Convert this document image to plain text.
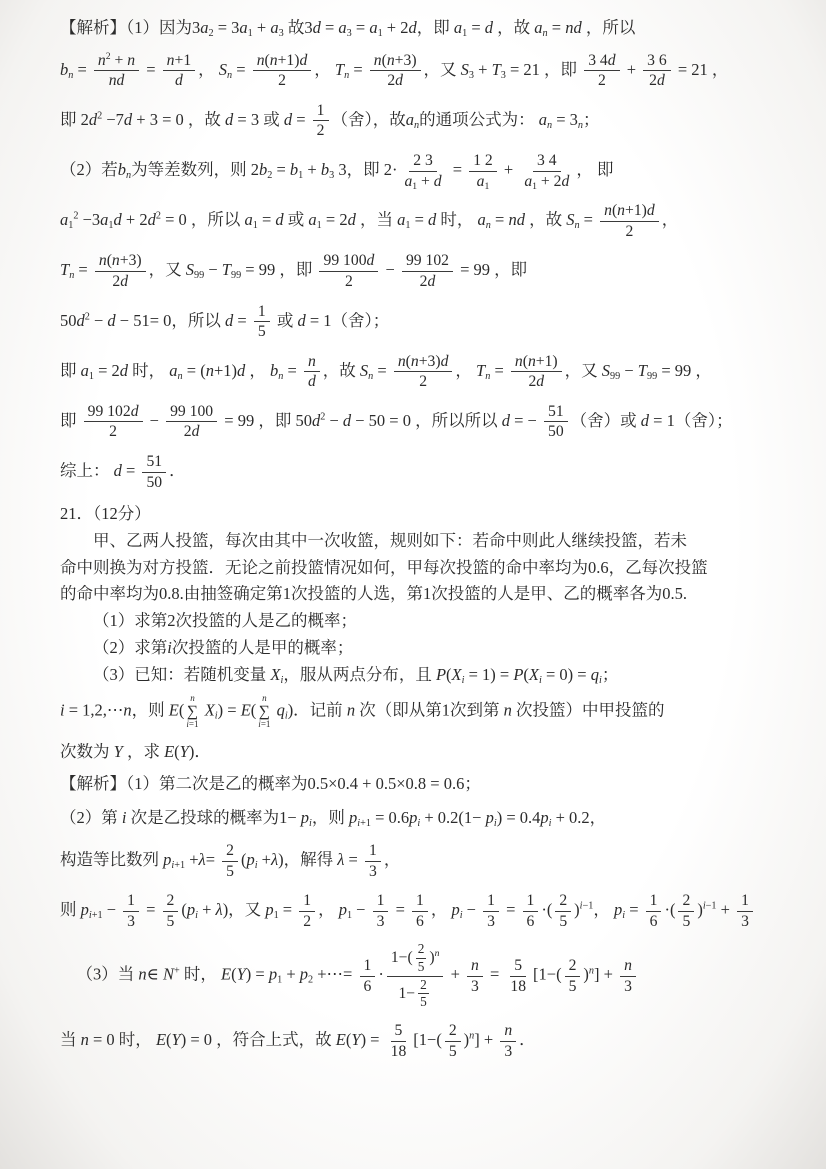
【解析】（1）因为$3a_2 = 3a_1 + a_3$ 故$3d = a_3 = a_1 + 2d$，即 $a_1 = d$ ，故 $a_n$ = nd ，所以

$b_n = \frac{n^2 + n}{nd} = \frac{n+1}{d}$ ， $S_n = \frac{n(n+1)d}{2}$ ， $T_n = \frac{n(n+3)}{2d}$ ，又 $S_3 + T_3 = 21$ ，即 $\frac{3 4d}{2} + \frac{3 6}{2d} = 21$ ，

即 $2d^2 -7d + 3 = 0$ ，故 d = 3 或 $d = \frac{1}{2}$ （舍），故$a_n$的通项公式为： $a_n = 3_n$；

（2）若$b_n$为等差数列，则 $2b_2 = b_1 + b_3$ 3，即 $2\cdot \frac{2 3}{a_1 + d} = \frac{1 2}{a_1} + \frac{3 4}{a_1 + 2d}$ ， 即

$a_1^2 -3a_1d + 2d^2 = 0$ ，所以 $a_1 = d$ 或 $a_1 = 2d$ ，当 $a_1 = d$ 时， $a_n$ = nd ，故 $S_n = \frac{n(n+1)d}{2}$ ，

$T_n = \frac{n(n+3)}{2d}$ ，又 $S_{99} - T_{99} = 99$ ，即 $\frac{99 100d}{2} - \frac{99 102}{2d} = 99$ ，即

$50d^2 - d - 51= 0$，所以 $d = \frac{1}{5}$ 或 d = 1（舍）；

即 $a_1 = 2d$ 时， $a_n = (n+1)d$ ， $b_n = \frac{n}{d}$ ，故 $S_n = \frac{n(n+3)d}{2}$ ， $T_n = \frac{n(n+1)}{2d}$ ，又 $S_{99} - T_{99} = 99$ ，

即 $\frac{99 102d}{2} - \frac{99 100}{2d} = 99$ ，即 $50d^2 - d - 50 = 0$ ，所以所以 d = − $\frac{51}{50}$ （舍）或 d = 1（舍）；

综上： $d = \frac{51}{50}$ ．

21．（12分）

甲、乙两人投篮，每次由其中一次收篮，规则如下：若命中则此人继续投篮，若未

命中则换为对方投篮．无论之前投篮情况如何，甲每次投篮的命中率均为0.6，乙每次投篮

的命中率均为0.8.由抽签确定第1次投篮的人选，第1次投篮的人是甲、乙的概率各为0.5.

（1）求第2次投篮的人是乙的概率；

（2）求第i次投篮的人是甲的概率；

（3）已知：若随机变量 $X_i$，服从两点分布，且 $P(X_i = 1) = P(X_i = 0) = q_i$；

i = 1,2,⋯n，则 E(
n
∑
i=1
$X_i) = E$(
n
∑
i=1
$q_i$)．记前 n 次（即从第1次到第 n 次投篮）中甲投篮的

次数为 Y ，求 E(Y)．

【解析】（1）第二次是乙的概率为0.5×0.4 + 0.5×0.8 = 0.6；

（2）第 i 次是乙投球的概率为$1- p_i$，则 $p_{i+1} = 0.6p_i + 0.2(1- p_i) = 0.4p_i + 0.2$，

构造等比数列 $p_{i+1} +\lambda= \frac{2}{5} (p_i +\lambda)$，解得 $\lambda = \frac{1}{3}$ ，

则 $p_{i+1} - \frac{1}{3} = \frac{2}{5} (p_i + \lambda)$，又 $p_1 = \frac{1}{2}$ ， $p_1 - \frac{1}{3} = \frac{1}{6}$ ， $p_i - \frac{1}{3} = \frac{1}{6}$ ·( $\frac{2}{5} )^{i-1}$， $p_i = \frac{1}{6}$ ·( $\frac{2}{5} )^{i-1} + \frac{1}{3}$

（3）当 n∈ N+ 时， $E(Y) = p_1 + p_2$ +⋯= $\frac{1}{6} \cdot \frac{1-( \frac{2}{5} )^n}{1- \frac{2}{5}} + \frac{n}{3} = \frac{5}{18} [1-( \frac{2}{5} )^n] + \frac{n}{3}$

当 n = 0 时， E(Y) = 0 ，符合上式，故 $E(Y) = \frac{5}{18} [1-( \frac{2}{5} )^n] + \frac{n}{3}$ ．
